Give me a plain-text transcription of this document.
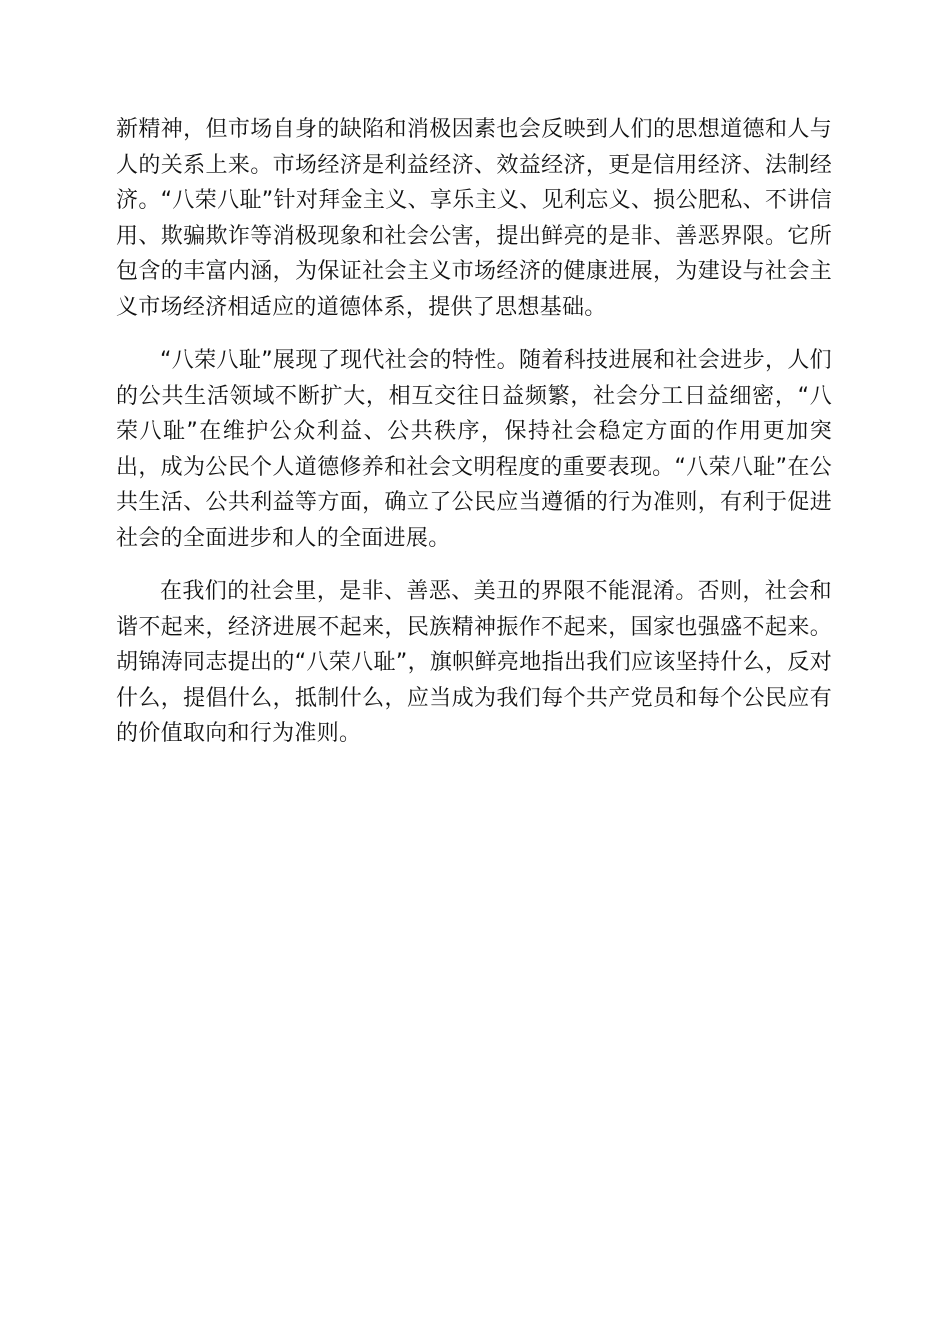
新精神，但市场自身的缺陷和消极因素也会反映到人们的思想道德和人与人的关系上来。市场经济是利益经济、效益经济，更是信用经济、法制经济。“八荣八耻”针对拜金主义、享乐主义、见利忘义、损公肥私、不讲信用、欺骗欺诈等消极现象和社会公害，提出鲜亮的是非、善恶界限。它所包含的丰富内涵，为保证社会主义市场经济的健康进展，为建设与社会主义市场经济相适应的道德体系，提供了思想基础。

“八荣八耻”展现了现代社会的特性。随着科技进展和社会进步，人们的公共生活领域不断扩大，相互交往日益频繁，社会分工日益细密，“八荣八耻”在维护公众利益、公共秩序，保持社会稳定方面的作用更加突出，成为公民个人道德修养和社会文明程度的重要表现。“八荣八耻”在公共生活、公共利益等方面，确立了公民应当遵循的行为准则，有利于促进社会的全面进步和人的全面进展。

在我们的社会里，是非、善恶、美丑的界限不能混淆。否则，社会和谐不起来，经济进展不起来，民族精神振作不起来，国家也强盛不起来。胡锦涛同志提出的“八荣八耻”，旗帜鲜亮地指出我们应该坚持什么，反对什么，提倡什么，抵制什么，应当成为我们每个共产党员和每个公民应有的价值取向和行为准则。
